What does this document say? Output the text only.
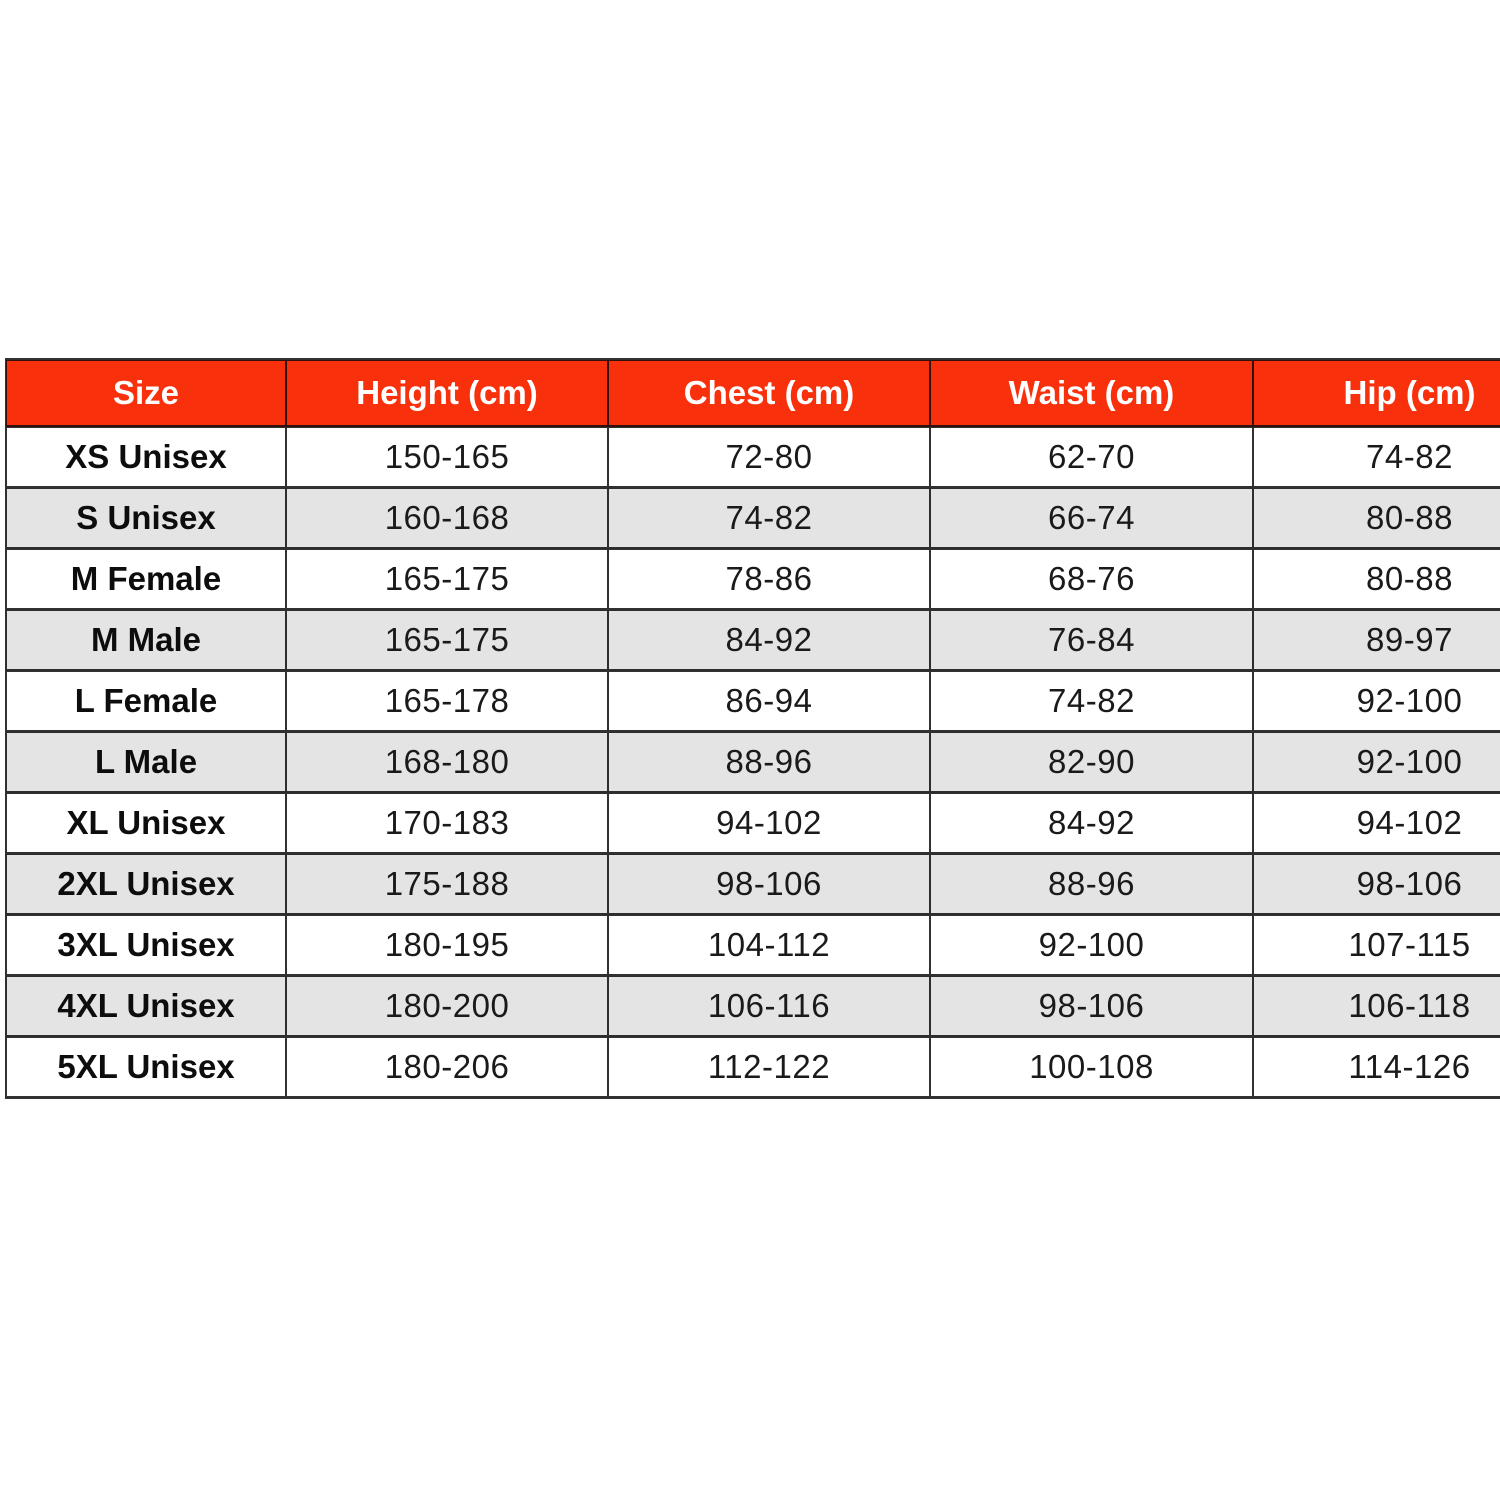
Size	Height (cm)	Chest (cm)	Waist (cm)	Hip (cm)
XS Unisex	150-165	72-80	62-70	74-82
S Unisex	160-168	74-82	66-74	80-88
M Female	165-175	78-86	68-76	80-88
M Male	165-175	84-92	76-84	89-97
L Female	165-178	86-94	74-82	92-100
L Male	168-180	88-96	82-90	92-100
XL Unisex	170-183	94-102	84-92	94-102
2XL Unisex	175-188	98-106	88-96	98-106
3XL Unisex	180-195	104-112	92-100	107-115
4XL Unisex	180-200	106-116	98-106	106-118
5XL Unisex	180-206	112-122	100-108	114-126
